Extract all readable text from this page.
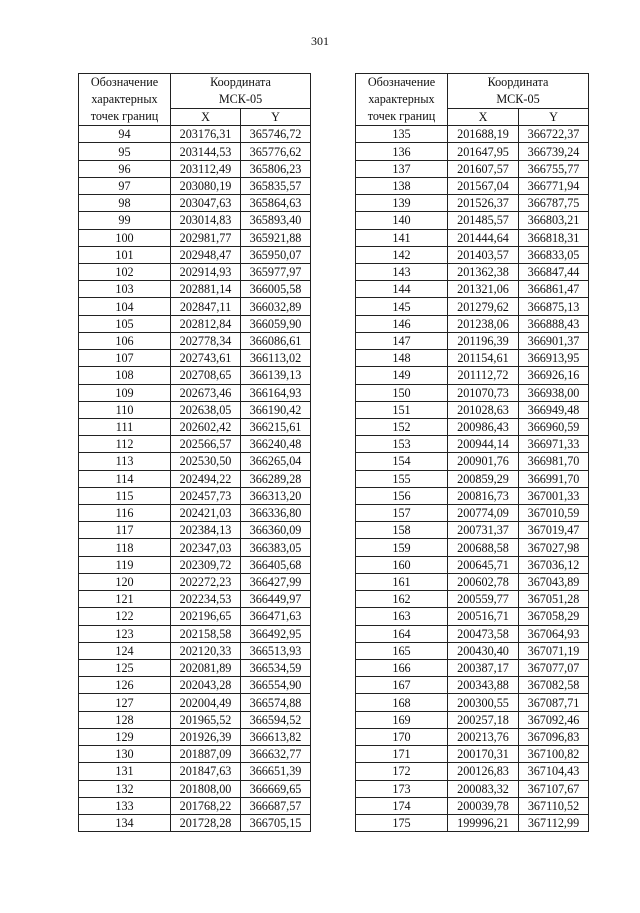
301
Обозначение
характерных
точек границ	Координата
МСК-05	
	X	Y
94	203176,31	365746,72
95	203144,53	365776,62
96	203112,49	365806,23
97	203080,19	365835,57
98	203047,63	365864,63
99	203014,83	365893,40
100	202981,77	365921,88
101	202948,47	365950,07
102	202914,93	365977,97
103	202881,14	366005,58
104	202847,11	366032,89
105	202812,84	366059,90
106	202778,34	366086,61
107	202743,61	366113,02
108	202708,65	366139,13
109	202673,46	366164,93
110	202638,05	366190,42
111	202602,42	366215,61
112	202566,57	366240,48
113	202530,50	366265,04
114	202494,22	366289,28
115	202457,73	366313,20
116	202421,03	366336,80
117	202384,13	366360,09
118	202347,03	366383,05
119	202309,72	366405,68
120	202272,23	366427,99
121	202234,53	366449,97
122	202196,65	366471,63
123	202158,58	366492,95
124	202120,33	366513,93
125	202081,89	366534,59
126	202043,28	366554,90
127	202004,49	366574,88
128	201965,52	366594,52
129	201926,39	366613,82
130	201887,09	366632,77
131	201847,63	366651,39
132	201808,00	366669,65
133	201768,22	366687,57
134	201728,28	366705,15
Обозначение
характерных
точек границ	Координата
МСК-05	
	X	Y
135	201688,19	366722,37
136	201647,95	366739,24
137	201607,57	366755,77
138	201567,04	366771,94
139	201526,37	366787,75
140	201485,57	366803,21
141	201444,64	366818,31
142	201403,57	366833,05
143	201362,38	366847,44
144	201321,06	366861,47
145	201279,62	366875,13
146	201238,06	366888,43
147	201196,39	366901,37
148	201154,61	366913,95
149	201112,72	366926,16
150	201070,73	366938,00
151	201028,63	366949,48
152	200986,43	366960,59
153	200944,14	366971,33
154	200901,76	366981,70
155	200859,29	366991,70
156	200816,73	367001,33
157	200774,09	367010,59
158	200731,37	367019,47
159	200688,58	367027,98
160	200645,71	367036,12
161	200602,78	367043,89
162	200559,77	367051,28
163	200516,71	367058,29
164	200473,58	367064,93
165	200430,40	367071,19
166	200387,17	367077,07
167	200343,88	367082,58
168	200300,55	367087,71
169	200257,18	367092,46
170	200213,76	367096,83
171	200170,31	367100,82
172	200126,83	367104,43
173	200083,32	367107,67
174	200039,78	367110,52
175	199996,21	367112,99
